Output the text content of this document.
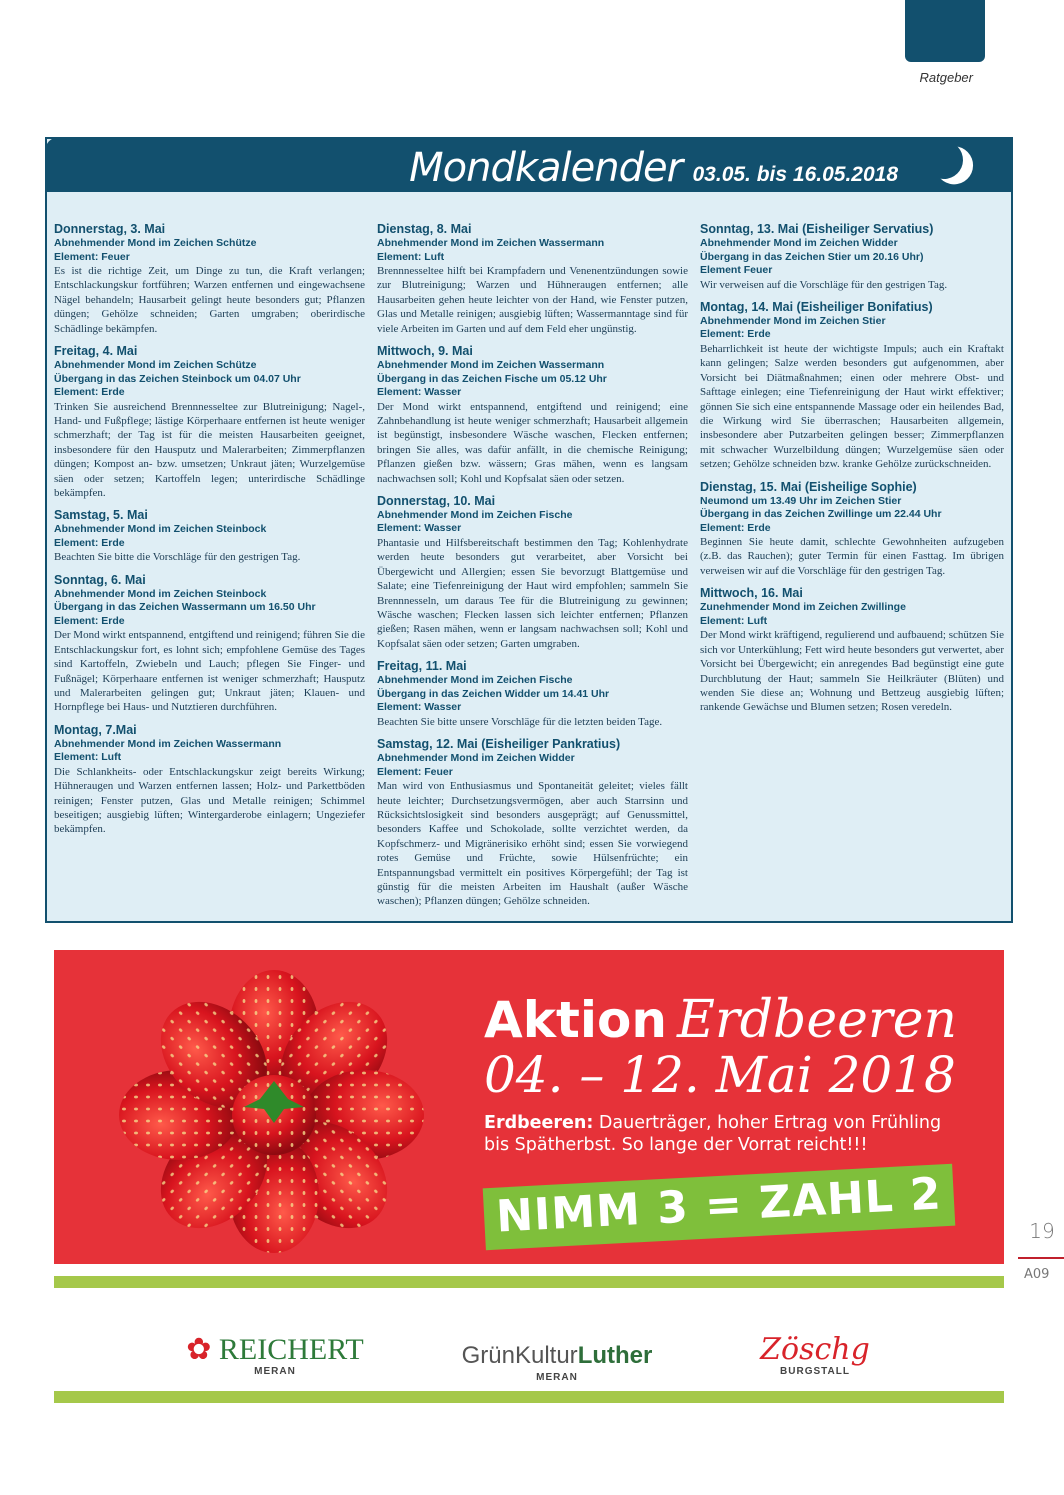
Ratgeber
Mondkalender 03.05. bis 16.05.2018
Donnerstag, 3. Mai
Abnehmender Mond im Zeichen Schütze
Element: Feuer
Es ist die richtige Zeit, um Dinge zu tun, die Kraft verlangen; Entschlackungskur fortführen; Warzen entfernen und eingewachsene Nägel behandeln; Hausarbeit gelingt heute besonders gut; Pflanzen düngen; Gehölze schneiden; Garten umgraben; oberirdische Schädlinge bekämpfen.
Freitag, 4. Mai
Abnehmender Mond im Zeichen Schütze
Übergang in das Zeichen Steinbock um 04.07 Uhr
Element: Erde
Trinken Sie ausreichend Brennnesseltee zur Blutreinigung; Nagel-, Hand- und Fußpflege; lästige Körperhaare entfernen ist heute weniger schmerzhaft; der Tag ist für die meisten Hausarbeiten geeignet, insbesondere für den Hausputz und Malerarbeiten; Zimmerpflanzen düngen; Kompost an- bzw. umsetzen; Unkraut jäten; Wurzelgemüse säen oder setzen; Kartoffeln legen; unterirdische Schädlinge bekämpfen.
Samstag, 5. Mai
Abnehmender Mond im Zeichen Steinbock
Element: Erde
Beachten Sie bitte die Vorschläge für den gestrigen Tag.
Sonntag, 6. Mai
Abnehmender Mond im Zeichen Steinbock
Übergang in das Zeichen Wassermann um 16.50 Uhr
Element: Erde
Der Mond wirkt entspannend, entgiftend und reinigend; führen Sie die Entschlackungskur fort, es lohnt sich; empfohlene Gemüse des Tages sind Kartoffeln, Zwiebeln und Lauch; pflegen Sie Finger- und Fußnägel; Körperhaare entfernen ist weniger schmerzhaft; Hausputz und Malerarbeiten gelingen gut; Unkraut jäten; Klauen- und Hornpflege bei Haus- und Nutztieren durchführen.
Montag, 7.Mai
Abnehmender Mond im Zeichen Wassermann
Element: Luft
Die Schlankheits- oder Entschlackungskur zeigt bereits Wirkung; Hühneraugen und Warzen entfernen lassen; Holz- und Parkettböden reinigen; Fenster putzen, Glas und Metalle reinigen; Schimmel beseitigen; ausgiebig lüften; Wintergarderobe einlagern; Ungeziefer bekämpfen.
Dienstag, 8. Mai
Abnehmender Mond im Zeichen Wassermann
Element: Luft
Brennnesseltee hilft bei Krampfadern und Venenentzündungen sowie zur Blutreinigung; Warzen und Hühneraugen entfernen; alle Hausarbeiten gehen heute leichter von der Hand, wie Fenster putzen, Glas und Metalle reinigen; ausgiebig lüften; Wassermanntage sind für viele Arbeiten im Garten und auf dem Feld eher ungünstig.
Mittwoch, 9. Mai
Abnehmender Mond im Zeichen Wassermann
Übergang in das Zeichen Fische um 05.12 Uhr
Element: Wasser
Der Mond wirkt entspannend, entgiftend und reinigend; eine Zahnbehandlung ist heute weniger schmerzhaft; Hausarbeit allgemein ist begünstigt, insbesondere Wäsche waschen, Flecken entfernen; bringen Sie alles, was dafür anfällt, in die chemische Reinigung; Pflanzen gießen bzw. wässern; Gras mähen, wenn es langsam nachwachsen soll; Kohl und Kopfsalat säen oder setzen.
Donnerstag, 10. Mai
Abnehmender Mond im Zeichen Fische
Element: Wasser
Phantasie und Hilfsbereitschaft bestimmen den Tag; Kohlenhydrate werden heute besonders gut verarbeitet, aber Vorsicht bei Übergewicht und Allergien; essen Sie bevorzugt Blattgemüse und Salate; eine Tiefenreinigung der Haut wird empfohlen; sammeln Sie Brennnesseln, um daraus Tee für die Blutreinigung zu gewinnen; Wäsche waschen; Flecken lassen sich leichter entfernen; Pflanzen gießen; Rasen mähen, wenn er langsam nachwachsen soll; Kohl und Kopfsalat säen oder setzen; Garten umgraben.
Freitag, 11. Mai
Abnehmender Mond im Zeichen Fische
Übergang in das Zeichen Widder um 14.41 Uhr
Element: Wasser
Beachten Sie bitte unsere Vorschläge für die letzten beiden Tage.
Samstag, 12. Mai (Eisheiliger Pankratius)
Abnehmender Mond im Zeichen Widder
Element: Feuer
Man wird von Enthusiasmus und Spontaneität geleitet; vieles fällt heute leichter; Durchsetzungsvermögen, aber auch Starrsinn und Rücksichtslosigkeit sind besonders ausgeprägt; auf Genussmittel, besonders Kaffee und Schokolade, sollte verzichtet werden, da Kopfschmerz- und Migränerisiko erhöht sind; essen Sie vorwiegend rotes Gemüse und Früchte, sowie Hülsenfrüchte; ein Entspannungsbad vermittelt ein positives Körpergefühl; der Tag ist günstig für die meisten Arbeiten im Haushalt (außer Wäsche waschen); Pflanzen düngen; Gehölze schneiden.
Sonntag, 13. Mai (Eisheiliger Servatius)
Abnehmender Mond im Zeichen Widder
Übergang in das Zeichen Stier um 20.16 Uhr)
Element Feuer
Wir verweisen auf die Vorschläge für den gestrigen Tag.
Montag, 14. Mai (Eisheiliger Bonifatius)
Abnehmender Mond im Zeichen Stier
Element: Erde
Beharrlichkeit ist heute der wichtigste Impuls; auch ein Kraftakt kann gelingen; Salze werden besonders gut aufgenommen, aber Vorsicht bei Diätmaßnahmen; einen oder mehrere Obst- und Safttage einlegen; eine Tiefenreinigung der Haut wirkt effektiver; gönnen Sie sich eine entspannende Massage oder ein heilendes Bad, die Wirkung wird Sie überraschen; Hausarbeiten allgemein, insbesondere aber Putzarbeiten gelingen besser; Zimmerpflanzen mit schwacher Wurzelbildung düngen; Wurzelgemüse säen oder setzen; Gehölze schneiden bzw. kranke Gehölze zurückschneiden.
Dienstag, 15. Mai (Eisheilige Sophie)
Neumond um 13.49 Uhr im Zeichen Stier
Übergang in das Zeichen Zwillinge um 22.44 Uhr
Element: Erde
Beginnen Sie heute damit, schlechte Gewohnheiten aufzugeben (z.B. das Rauchen); guter Termin für einen Fasttag. Im übrigen verweisen wir auf die Vorschläge für den gestrigen Tag.
Mittwoch, 16. Mai
Zunehmender Mond im Zeichen Zwillinge
Element: Luft
Der Mond wirkt kräftigend, regulierend und aufbauend; schützen Sie sich vor Unterkühlung; Fett wird heute besonders gut verwertet, aber Vorsicht bei Übergewicht; ein anregendes Bad begünstigt eine gute Durchblutung der Haut; sammeln Sie Heilkräuter (Blüten) und wenden Sie diese an; Wohnung und Bettzeug ausgiebig lüften; rankende Gewächse und Blumen setzen; Rosen veredeln.
Aktion Erdbeeren
04. – 12. Mai 2018
Erdbeeren: Dauerträger, hoher Ertrag von Frühling bis Spätherbst. So lange der Vorrat reicht!!!
NIMM 3 = ZAHL 2
✿ REICHERT
MERAN
GrünKulturLuther
MERAN
Zöschg
BURGSTALL
19
A09
